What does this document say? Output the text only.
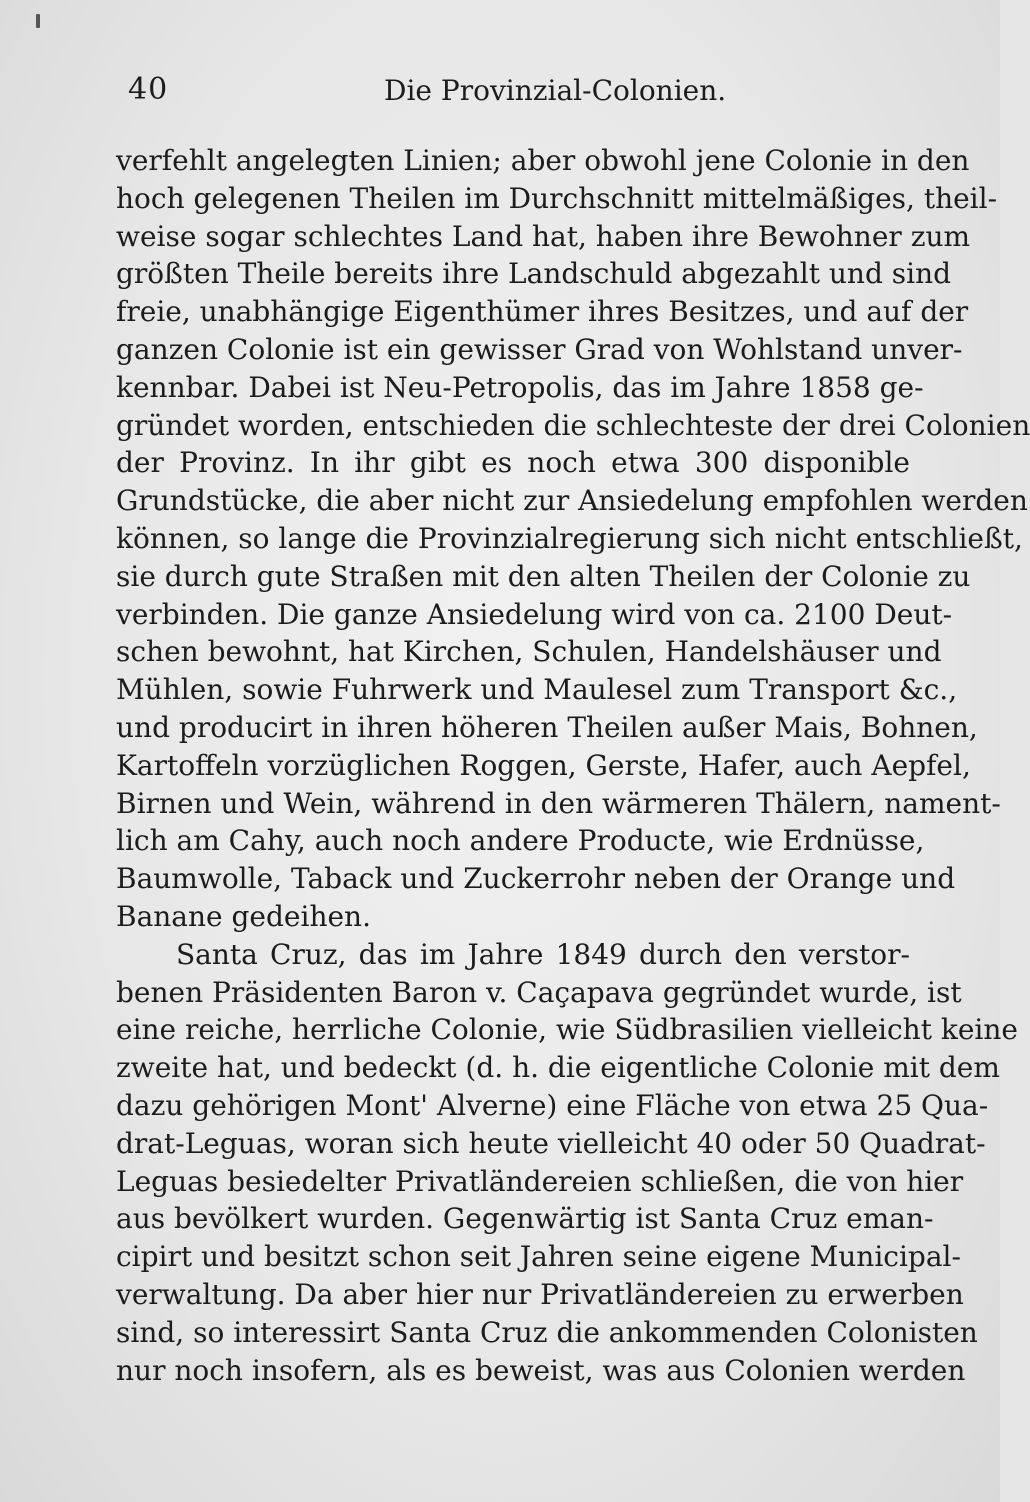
40	Die Provinzial-Colonien.
verfehlt angelegten Linien; aber obwohl jene Colonie in den
hoch gelegenen Theilen im Durchschnitt mittelmäßiges, theil-
weise sogar schlechtes Land hat, haben ihre Bewohner zum
größten Theile bereits ihre Landschuld abgezahlt und sind
freie, unabhängige Eigenthümer ihres Besitzes, und auf der
ganzen Colonie ist ein gewisser Grad von Wohlstand unver-
kennbar. Dabei ist Neu-Petropolis, das im Jahre 1858 ge-
gründet worden, entschieden die schlechteste der drei Colonien
der Provinz. In ihr gibt es noch etwa 300 disponible
Grundstücke, die aber nicht zur Ansiedelung empfohlen werden
können, so lange die Provinzialregierung sich nicht entschließt,
sie durch gute Straßen mit den alten Theilen der Colonie zu
verbinden. Die ganze Ansiedelung wird von ca. 2100 Deut-
schen bewohnt, hat Kirchen, Schulen, Handelshäuser und
Mühlen, sowie Fuhrwerk und Maulesel zum Transport &c.,
und producirt in ihren höheren Theilen außer Mais, Bohnen,
Kartoffeln vorzüglichen Roggen, Gerste, Hafer, auch Aepfel,
Birnen und Wein, während in den wärmeren Thälern, nament-
lich am Cahy, auch noch andere Producte, wie Erdnüsse,
Baumwolle, Taback und Zuckerrohr neben der Orange und
Banane gedeihen.
Santa Cruz, das im Jahre 1849 durch den verstor-
benen Präsidenten Baron v. Caçapava gegründet wurde, ist
eine reiche, herrliche Colonie, wie Südbrasilien vielleicht keine
zweite hat, und bedeckt (d. h. die eigentliche Colonie mit dem
dazu gehörigen Mont' Alverne) eine Fläche von etwa 25 Qua-
drat-Leguas, woran sich heute vielleicht 40 oder 50 Quadrat-
Leguas besiedelter Privatländereien schließen, die von hier
aus bevölkert wurden. Gegenwärtig ist Santa Cruz eman-
cipirt und besitzt schon seit Jahren seine eigene Municipal-
verwaltung. Da aber hier nur Privatländereien zu erwerben
sind, so interessirt Santa Cruz die ankommenden Colonisten
nur noch insofern, als es beweist, was aus Colonien werden
